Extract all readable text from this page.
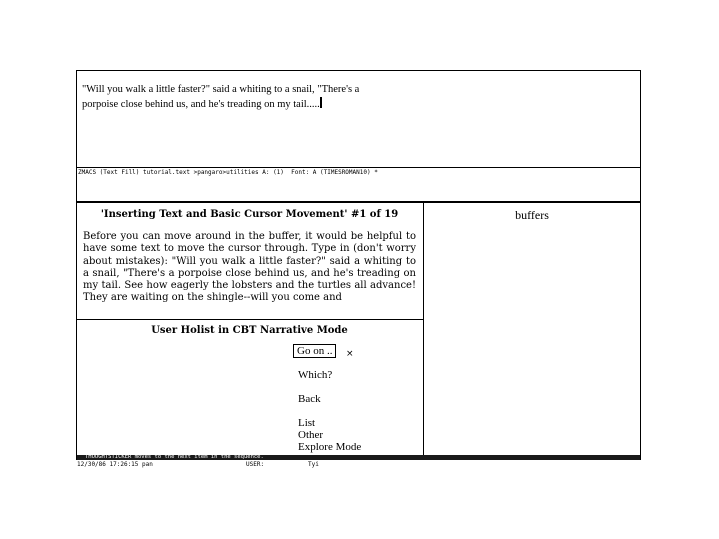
"Will you walk a little faster?" said a whiting to a snail, "There's a
porpoise close behind us, and he's treading on my tail.....
ZMACS (Text Fill) tutorial.text >pangaro>utilities A: (1)  Font: A (TIMESROMAN10) *
'Inserting Text and Basic Cursor Movement' #1 of 19
Before you can move around in the buffer, it would be helpful to have some text to move the cursor through. Type in (don't worry about mistakes): "Will you walk a little faster?" said a whiting to a snail, "There's a porpoise close behind us, and he's treading on my tail. See how eagerly the lobsters and the turtles all advance! They are waiting on the shingle--will you come and
buffers
User Holist in CBT Narrative Mode
Go on ..	×
Which?
Back
List
Other
Explore Mode
THOUGHTSTICKER moves to the next item in the sequence.
12/30/86 17:26:15 pan	USER:	Tyi
